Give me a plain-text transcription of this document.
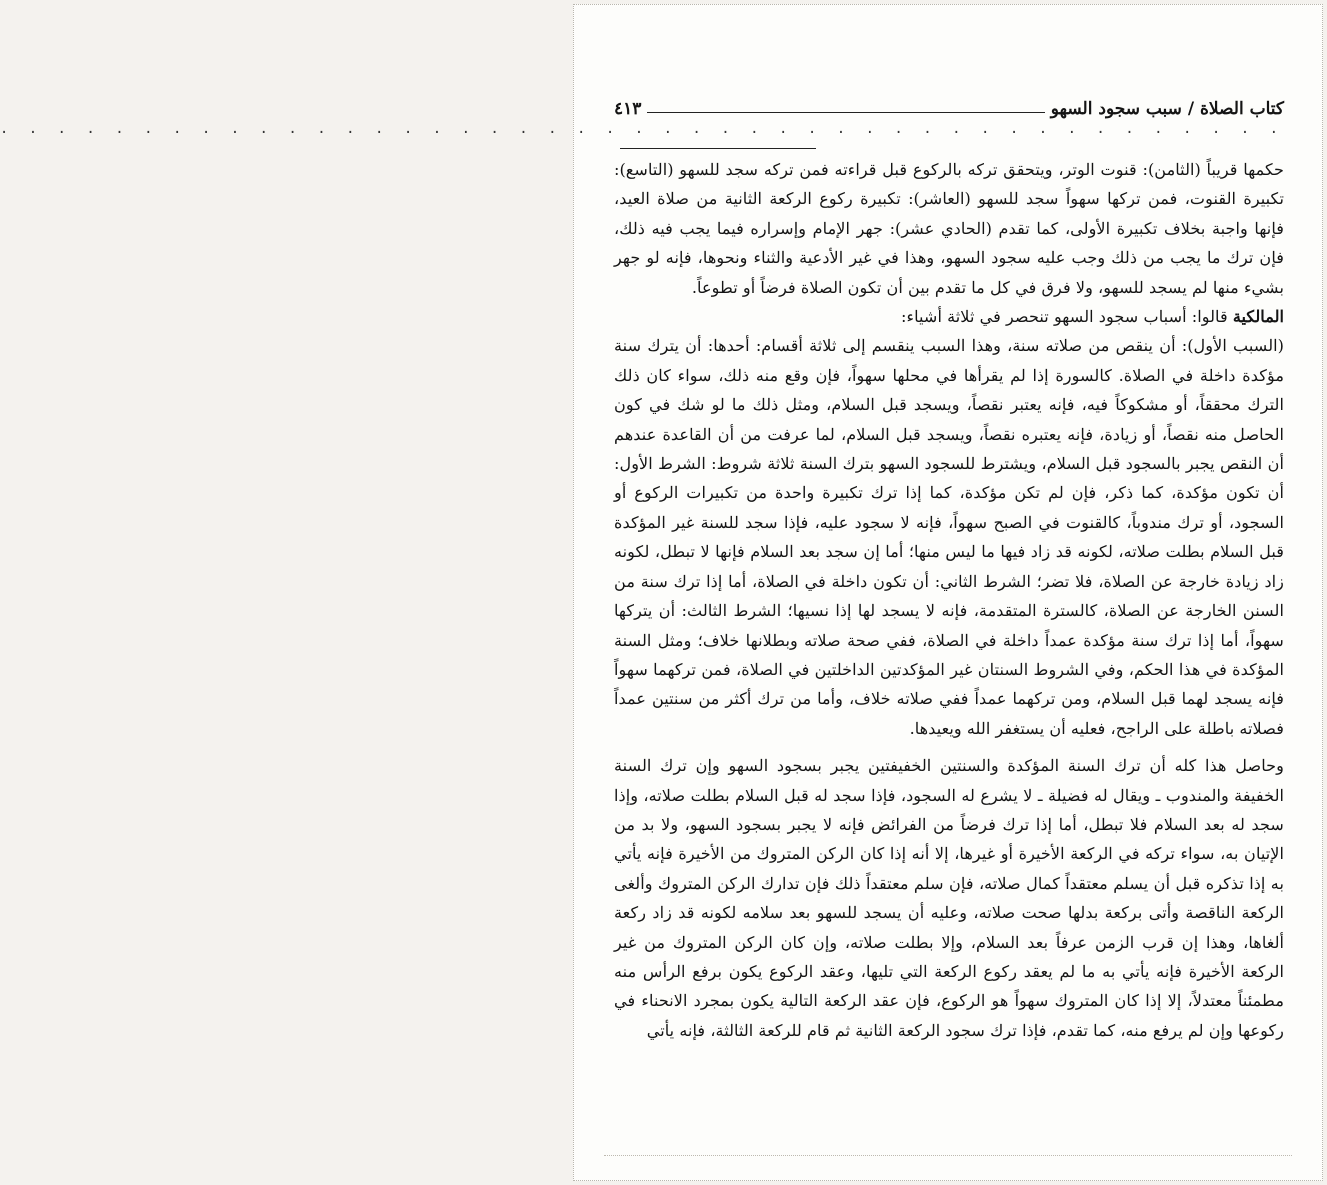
كتاب الصلاة / سبب سجود السهو
٤١٣
. . . . . . . . . . . . . . . . . . . . . . . . . . . . . . . . . . . . . . . . . . . . .

حكمها قريباً (الثامن): قنوت الوتر، ويتحقق تركه بالركوع قبل قراءته فمن تركه سجد للسهو (التاسع): تكبيرة القنوت، فمن تركها سهواً سجد للسهو (العاشر): تكبيرة ركوع الركعة الثانية من صلاة العيد، فإنها واجبة بخلاف تكبيرة الأولى، كما تقدم (الحادي عشر): جهر الإمام وإسراره فيما يجب فيه ذلك، فإن ترك ما يجب من ذلك وجب عليه سجود السهو، وهذا في غير الأدعية والثناء ونحوها، فإنه لو جهر بشيء منها لم يسجد للسهو، ولا فرق في كل ما تقدم بين أن تكون الصلاة فرضاً أو تطوعاً.

المالكية قالوا: أسباب سجود السهو تنحصر في ثلاثة أشياء:

(السبب الأول): أن ينقص من صلاته سنة، وهذا السبب ينقسم إلى ثلاثة أقسام: أحدها: أن يترك سنة مؤكدة داخلة في الصلاة. كالسورة إذا لم يقرأها في محلها سهواً، فإن وقع منه ذلك، سواء كان ذلك الترك محققاً، أو مشكوكاً فيه، فإنه يعتبر نقصاً، ويسجد قبل السلام، ومثل ذلك ما لو شك في كون الحاصل منه نقصاً، أو زيادة، فإنه يعتبره نقصاً، ويسجد قبل السلام، لما عرفت من أن القاعدة عندهم أن النقص يجبر بالسجود قبل السلام، ويشترط للسجود السهو بترك السنة ثلاثة شروط: الشرط الأول: أن تكون مؤكدة، كما ذكر، فإن لم تكن مؤكدة، كما إذا ترك تكبيرة واحدة من تكبيرات الركوع أو السجود، أو ترك مندوباً، كالقنوت في الصبح سهواً، فإنه لا سجود عليه، فإذا سجد للسنة غير المؤكدة قبل السلام بطلت صلاته، لكونه قد زاد فيها ما ليس منها؛ أما إن سجد بعد السلام فإنها لا تبطل، لكونه زاد زيادة خارجة عن الصلاة، فلا تضر؛ الشرط الثاني: أن تكون داخلة في الصلاة، أما إذا ترك سنة من السنن الخارجة عن الصلاة، كالسترة المتقدمة، فإنه لا يسجد لها إذا نسيها؛ الشرط الثالث: أن يتركها سهواً، أما إذا ترك سنة مؤكدة عمداً داخلة في الصلاة، ففي صحة صلاته وبطلانها خلاف؛ ومثل السنة المؤكدة في هذا الحكم، وفي الشروط السنتان غير المؤكدتين الداخلتين في الصلاة، فمن تركهما سهواً فإنه يسجد لهما قبل السلام، ومن تركهما عمداً ففي صلاته خلاف، وأما من ترك أكثر من سنتين عمداً فصلاته باطلة على الراجح، فعليه أن يستغفر الله ويعيدها.

وحاصل هذا كله أن ترك السنة المؤكدة والسنتين الخفيفتين يجبر بسجود السهو وإن ترك السنة الخفيفة والمندوب ـ ويقال له فضيلة ـ لا يشرع له السجود، فإذا سجد له قبل السلام بطلت صلاته، وإذا سجد له بعد السلام فلا تبطل، أما إذا ترك فرضاً من الفرائض فإنه لا يجبر بسجود السهو، ولا بد من الإتيان به، سواء تركه في الركعة الأخيرة أو غيرها، إلا أنه إذا كان الركن المتروك من الأخيرة فإنه يأتي به إذا تذكره قبل أن يسلم معتقداً كمال صلاته، فإن سلم معتقداً ذلك فإن تدارك الركن المتروك وألغى الركعة الناقصة وأتى بركعة بدلها صحت صلاته، وعليه أن يسجد للسهو بعد سلامه لكونه قد زاد ركعة ألغاها، وهذا إن قرب الزمن عرفاً بعد السلام، وإلا بطلت صلاته، وإن كان الركن المتروك من غير الركعة الأخيرة فإنه يأتي به ما لم يعقد ركوع الركعة التي تليها، وعقد الركوع يكون برفع الرأس منه مطمئناً معتدلاً، إلا إذا كان المتروك سهواً هو الركوع، فإن عقد الركعة التالية يكون بمجرد الانحناء في ركوعها وإن لم يرفع منه، كما تقدم، فإذا ترك سجود الركعة الثانية ثم قام للركعة الثالثة، فإنه يأتي
